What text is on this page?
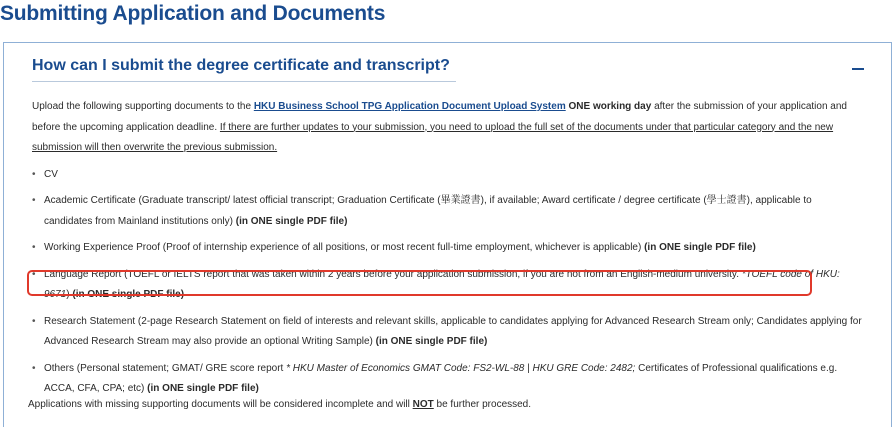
Submitting Application and Documents
How can I submit the degree certificate and transcript?

Upload the following supporting documents to the HKU Business School TPG Application Document Upload System ONE working day after the submission of your application and before the upcoming application deadline. If there are further updates to your submission, you need to upload the full set of the documents under that particular category and the new submission will then overwrite the previous submission.

• CV
• Academic Certificate (Graduate transcript/ latest official transcript; Graduation Certificate (畢業證書), if available; Award certificate / degree certificate (學士證書), applicable to candidates from Mainland institutions only) (in ONE single PDF file)
• Working Experience Proof (Proof of internship experience of all positions, or most recent full-time employment, whichever is applicable) (in ONE single PDF file)
• Language Report (TOEFL or IELTS report that was taken within 2 years before your application submission, if you are not from an English-medium university. *TOEFL code of HKU: 9671) (in ONE single PDF file)
• Research Statement (2-page Research Statement on field of interests and relevant skills, applicable to candidates applying for Advanced Research Stream only; Candidates applying for Advanced Research Stream may also provide an optional Writing Sample) (in ONE single PDF file)
• Others (Personal statement; GMAT/ GRE score report * HKU Master of Economics GMAT Code: FS2-WL-88 | HKU GRE Code: 2482; Certificates of Professional qualifications e.g. ACCA, CFA, CPA; etc) (in ONE single PDF file)
Applications with missing supporting documents will be considered incomplete and will NOT be further processed.
